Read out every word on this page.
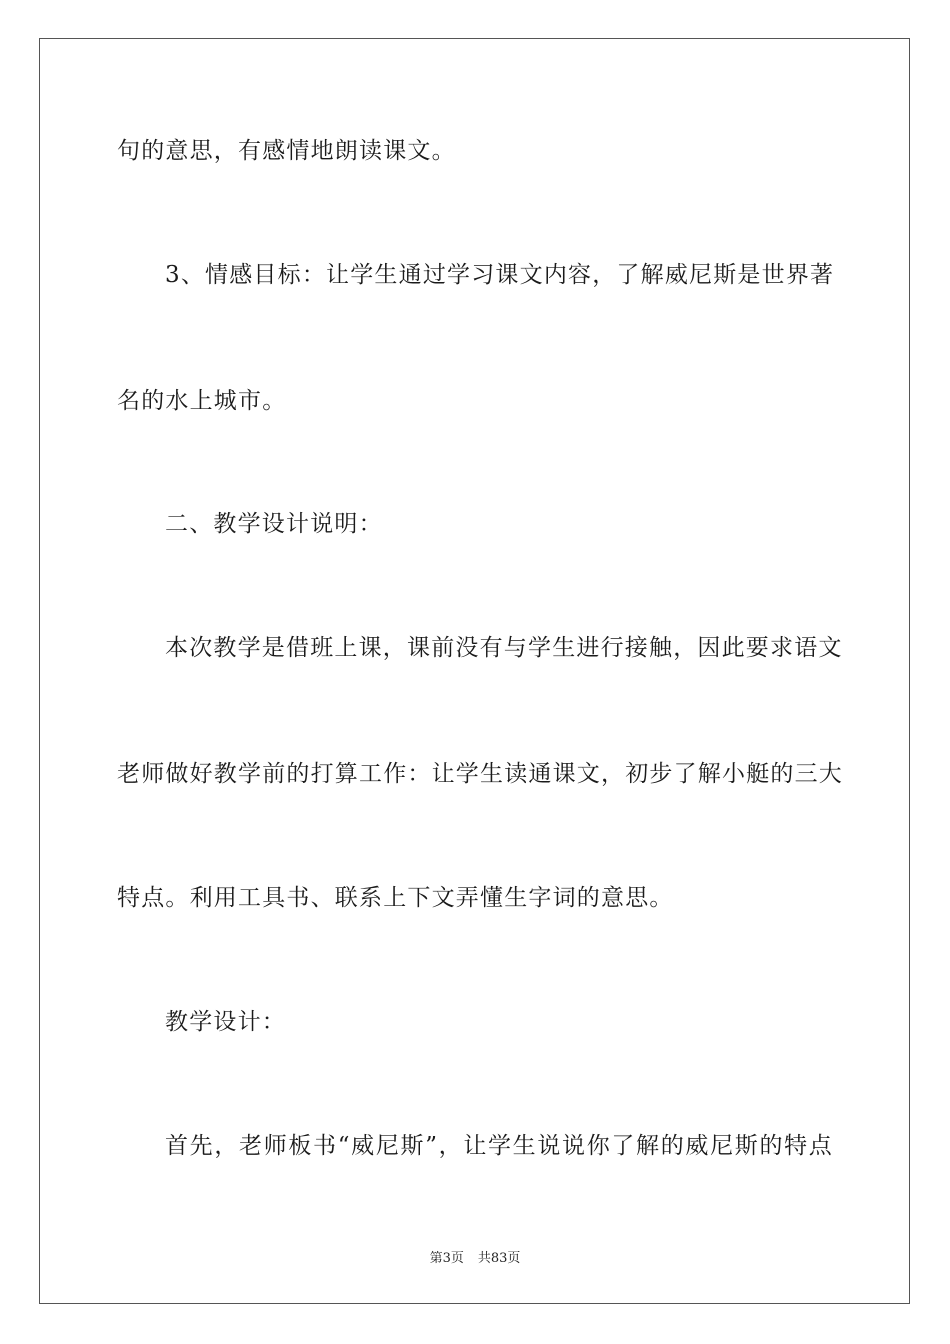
句的意思，有感情地朗读课文。
3、情感目标：让学生通过学习课文内容，了解威尼斯是世界著
名的水上城市。
二、教学设计说明：
本次教学是借班上课，课前没有与学生进行接触，因此要求语文
老师做好教学前的打算工作：让学生读通课文，初步了解小艇的三大
特点。利用工具书、联系上下文弄懂生字词的意思。
教学设计：
首先，老师板书“威尼斯”，让学生说说你了解的威尼斯的特点
第3页 共83页
